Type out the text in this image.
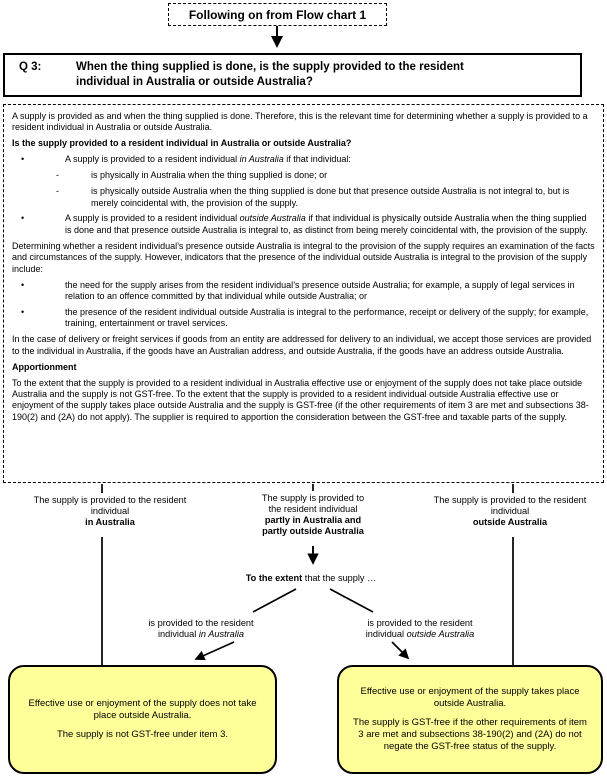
Following on from Flow chart 1
Q 3:	When the thing supplied is done, is the supply provided to the resident
individual in Australia or outside Australia?

A supply is provided as and when the thing supplied is done. Therefore, this is the relevant time for determining whether a supply is provided to a resident individual in Australia or outside Australia.

Is the supply provided to a resident individual in Australia or outside Australia?

•	A supply is provided to a resident individual in Australia if that individual:
-	is physically in Australia when the thing supplied is done; or
-	is physically outside Australia when the thing supplied is done but that presence outside Australia is not integral to, but is merely coincidental with, the provision of the supply.
•	A supply is provided to a resident individual outside Australia if that individual is physically outside Australia when the thing supplied is done and that presence outside Australia is integral to, as distinct from being merely coincidental with, the provision of the supply.

Determining whether a resident individual’s presence outside Australia is integral to the provision of the supply requires an examination of the facts and circumstances of the supply. However, indicators that the presence of the individual outside Australia is integral to the provision of the supply include:

•	the need for the supply arises from the resident individual’s presence outside Australia; for example, a supply of legal services in relation to an offence committed by that individual while outside Australia; or
•	the presence of the resident individual outside Australia is integral to the performance, receipt or delivery of the supply; for example, training, entertainment or travel services.

In the case of delivery or freight services if goods from an entity are addressed for delivery to an individual, we accept those services are provided to the individual in Australia, if the goods have an Australian address, and outside Australia, if the goods have an address outside Australia.

Apportionment

To the extent that the supply is provided to a resident individual in Australia effective use or enjoyment of the supply does not take place outside Australia and the supply is not GST-free. To the extent that the supply is provided to a resident individual outside Australia effective use or enjoyment of the supply takes place outside Australia and the supply is GST-free (if the other requirements of item 3 are met and subsections 38-190(2) and (2A) do not apply). The supplier is required to apportion the consideration between the GST-free and taxable parts of the supply.

The supply is provided to the resident
individual
in Australia
The supply is provided to
the resident individual
partly in Australia and
partly outside Australia
The supply is provided to the resident
individual
outside Australia
To the extent that the supply …
is provided to the resident
individual in Australia
is provided to the resident
individual outside Australia

Effective use or enjoyment of the supply does not take place outside Australia.

The supply is not GST-free under item 3.

Effective use or enjoyment of the supply takes place outside Australia.

The supply is GST-free if the other requirements of item 3 are met and subsections 38-190(2) and (2A) do not negate the GST-free status of the supply.
